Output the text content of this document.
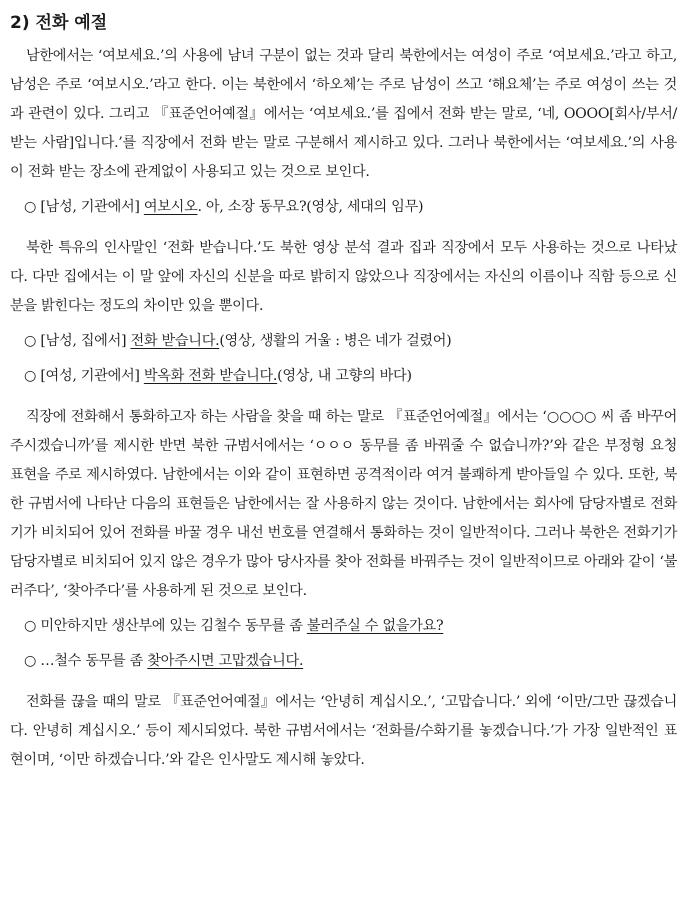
2) 전화 예절

남한에서는 ‘여보세요.’의 사용에 남녀 구분이 없는 것과 달리 북한에서는 여성이 주로 ‘여보세요.’라고 하고, 남성은 주로 ‘여보시오.’라고 한다. 이는 북한에서 ‘하오체’는 주로 남성이 쓰고 ‘해요체’는 주로 여성이 쓰는 것과 관련이 있다. 그리고 『표준언어예절』에서는 ‘여보세요.’를 집에서 전화 받는 말로, ‘네, OOOO[회사/부서/받는 사람]입니다.’를 직장에서 전화 받는 말로 구분해서 제시하고 있다. 그러나 북한에서는 ‘여보세요.’의 사용이 전화 받는 장소에 관계없이 사용되고 있는 것으로 보인다.

○ [남성, 기관에서] 여보시오. 아, 소장 동무요?(영상, 세대의 임무)

북한 특유의 인사말인 ‘전화 받습니다.’도 북한 영상 분석 결과 집과 직장에서 모두 사용하는 것으로 나타났다. 다만 집에서는 이 말 앞에 자신의 신분을 따로 밝히지 않았으나 직장에서는 자신의 이름이나 직함 등으로 신분을 밝힌다는 정도의 차이만 있을 뿐이다.

○ [남성, 집에서] 전화 받습니다.(영상, 생활의 거울 : 병은 네가 걸렸어)
○ [여성, 기관에서] 박옥화 전화 받습니다.(영상, 내 고향의 바다)

직장에 전화해서 통화하고자 하는 사람을 찾을 때 하는 말로 『표준언어예절』에서는 ‘○○○○ 씨 좀 바꾸어 주시겠습니까’를 제시한 반면 북한 규범서에서는 ‘ㅇㅇㅇ 동무를 좀 바꿔줄 수 없습니까?’와 같은 부정형 요청 표현을 주로 제시하였다. 남한에서는 이와 같이 표현하면 공격적이라 여겨 불쾌하게 받아들일 수 있다. 또한, 북한 규범서에 나타난 다음의 표현들은 남한에서는 잘 사용하지 않는 것이다. 남한에서는 회사에 담당자별로 전화기가 비치되어 있어 전화를 바꿀 경우 내선 번호를 연결해서 통화하는 것이 일반적이다. 그러나 북한은 전화기가 담당자별로 비치되어 있지 않은 경우가 많아 당사자를 찾아 전화를 바꿔주는 것이 일반적이므로 아래와 같이 ‘불러주다’, ‘찾아주다’를 사용하게 된 것으로 보인다.

○ 미안하지만 생산부에 있는 김철수 동무를 좀 불러주실 수 없을가요?
○ …철수 동무를 좀 찾아주시면 고맙겠습니다.

전화를 끊을 때의 말로 『표준언어예절』에서는 ‘안녕히 계십시오.’, ‘고맙습니다.’ 외에 ‘이만/그만 끊겠습니다. 안녕히 계십시오.’ 등이 제시되었다. 북한 규범서에서는 ‘전화를/수화기를 놓겠습니다.’가 가장 일반적인 표현이며, ‘이만 하겠습니다.’와 같은 인사말도 제시해 놓았다.
